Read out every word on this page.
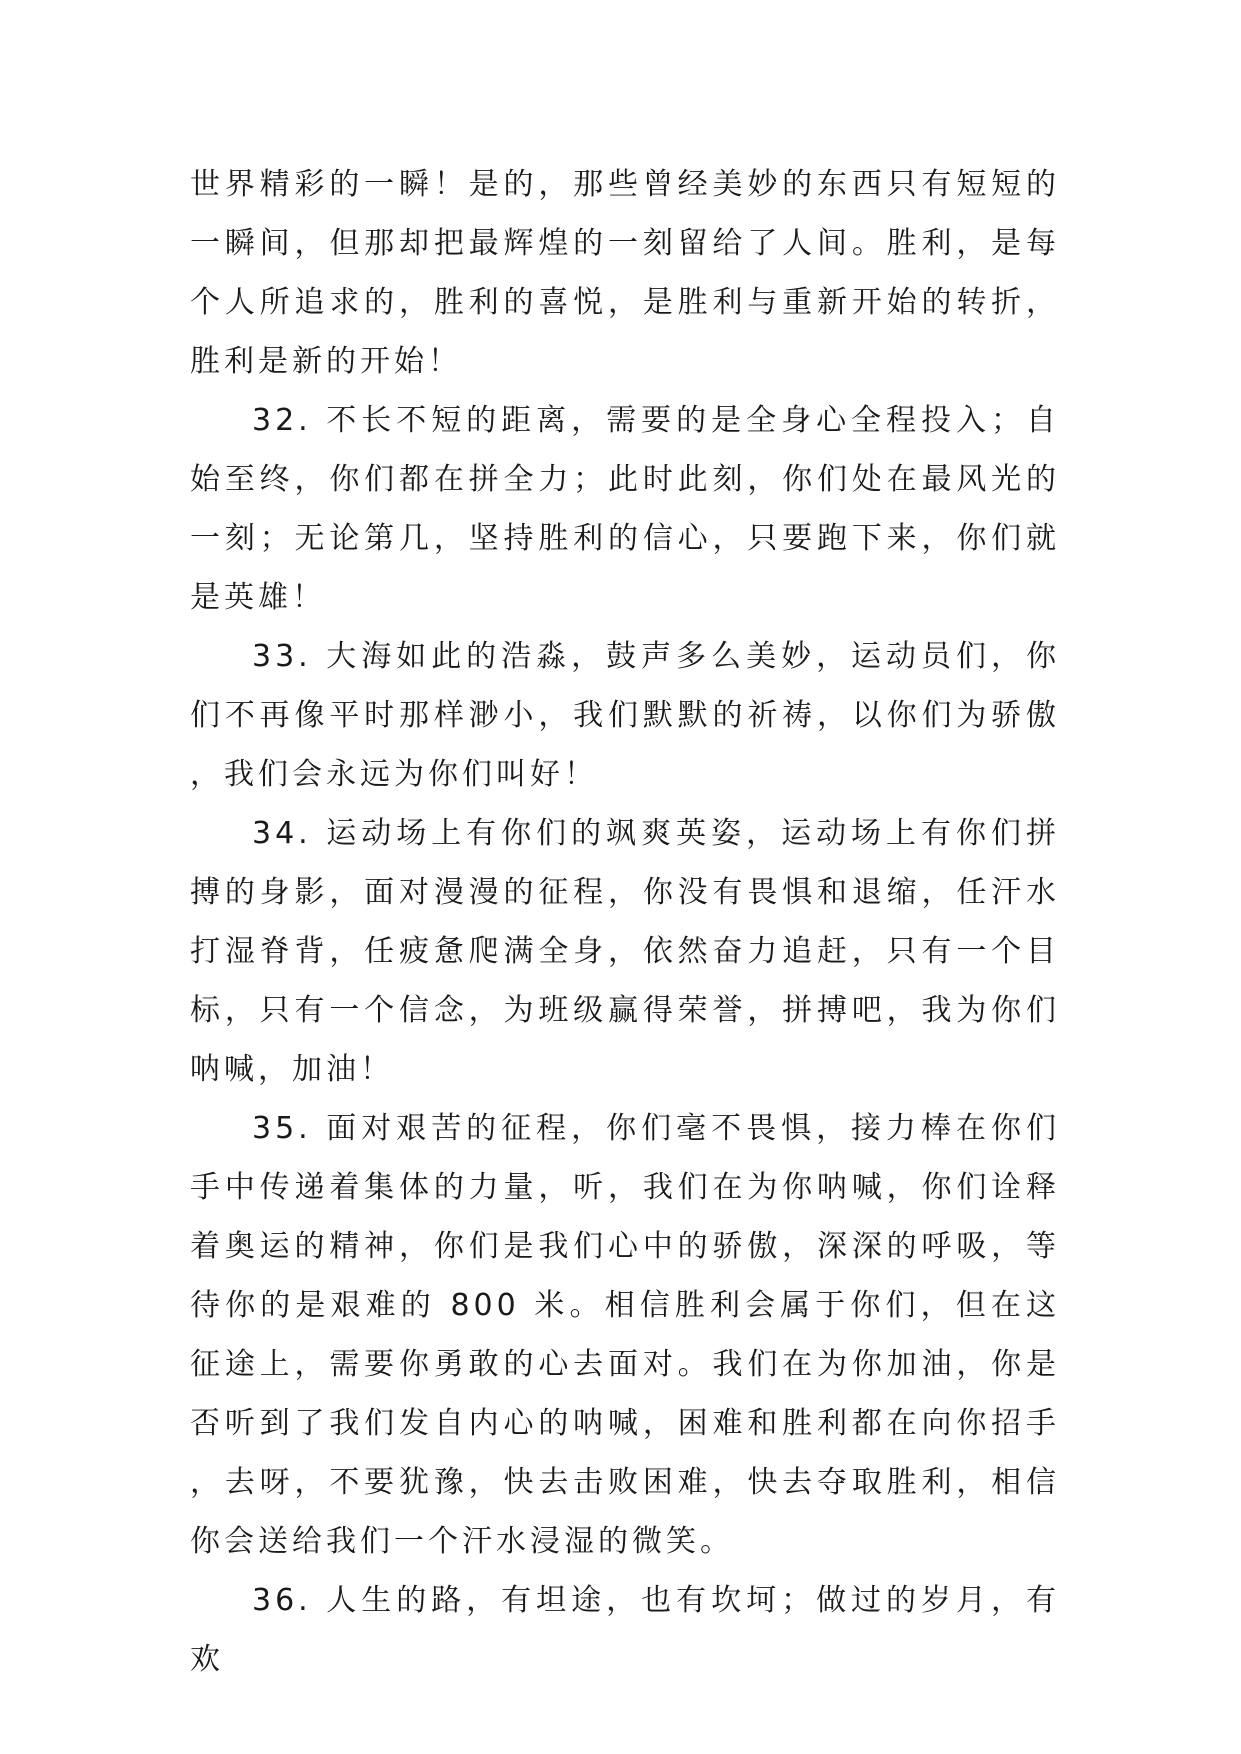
世界精彩的一瞬！是的，那些曾经美妙的东西只有短短的一瞬间，但那却把最辉煌的一刻留给了人间。胜利，是每个人所追求的，胜利的喜悦，是胜利与重新开始的转折，胜利是新的开始！

32. 不长不短的距离，需要的是全身心全程投入；自始至终，你们都在拼全力；此时此刻，你们处在最风光的一刻；无论第几，坚持胜利的信心，只要跑下来，你们就是英雄！

33. 大海如此的浩淼，鼓声多么美妙，运动员们，你们不再像平时那样渺小，我们默默的祈祷，以你们为骄傲，我们会永远为你们叫好！

34. 运动场上有你们的飒爽英姿，运动场上有你们拼搏的身影，面对漫漫的征程，你没有畏惧和退缩，任汗水打湿脊背，任疲惫爬满全身，依然奋力追赶，只有一个目标，只有一个信念，为班级赢得荣誉，拼搏吧，我为你们呐喊，加油！

35. 面对艰苦的征程，你们毫不畏惧，接力棒在你们手中传递着集体的力量，听，我们在为你呐喊，你们诠释着奥运的精神，你们是我们心中的骄傲，深深的呼吸，等待你的是艰难的 800 米。相信胜利会属于你们，但在这征途上，需要你勇敢的心去面对。我们在为你加油，你是否听到了我们发自内心的呐喊，困难和胜利都在向你招手，去呀，不要犹豫，快去击败困难，快去夺取胜利，相信你会送给我们一个汗水浸湿的微笑。

36. 人生的路，有坦途，也有坎坷；做过的岁月，有欢
